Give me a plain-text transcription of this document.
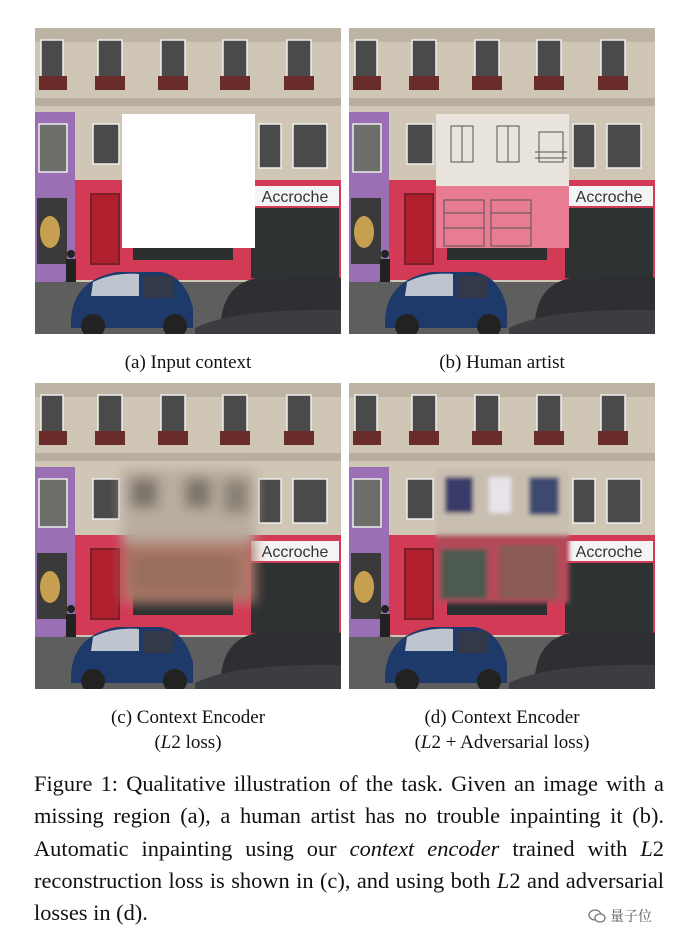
(a) Input context	(b) Human artist
(c) Context Encoder
(L2 loss)
(d) Context Encoder
(L2 + Adversarial loss)
Figure 1: Qualitative illustration of the task. Given an image with a missing region (a), a human artist has no trouble inpainting it (b). Automatic inpainting using our context encoder trained with L2 reconstruction loss is shown in (c), and using both L2 and adversarial losses in (d).	量子位
